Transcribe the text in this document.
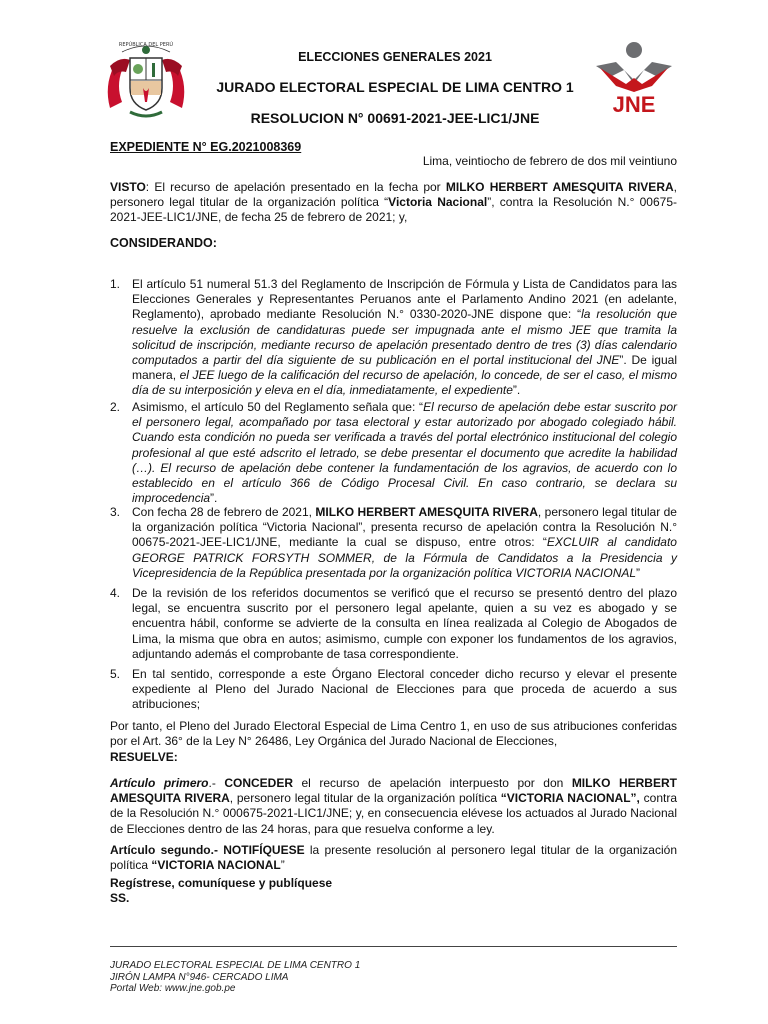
REPÚBLICA DEL PERÚ
JNE
ELECCIONES GENERALES 2021
JURADO ELECTORAL ESPECIAL DE LIMA CENTRO 1
RESOLUCION N° 00691-2021-JEE-LIC1/JNE
EXPEDIENTE N° EG.2021008369
Lima, veintiocho de febrero de dos mil veintiuno
VISTO: El recurso de apelación presentado en la fecha por MILKO HERBERT AMESQUITA RIVERA, personero legal titular de la organización política “Victoria Nacional”, contra la Resolución N.° 00675-2021-JEE-LIC1/JNE, de fecha 25 de febrero de 2021; y,
CONSIDERANDO:
1. El artículo 51 numeral 51.3 del Reglamento de Inscripción de Fórmula y Lista de Candidatos para las Elecciones Generales y Representantes Peruanos ante el Parlamento Andino 2021 (en adelante, Reglamento), aprobado mediante Resolución N.° 0330-2020-JNE dispone que: “la resolución que resuelve la exclusión de candidaturas puede ser impugnada ante el mismo JEE que tramita la solicitud de inscripción, mediante recurso de apelación presentado dentro de tres (3) días calendario computados a partir del día siguiente de su publicación en el portal institucional del JNE”. De igual manera, el JEE luego de la calificación del recurso de apelación, lo concede, de ser el caso, el mismo día de su interposición y eleva en el día, inmediatamente, el expediente”.
2. Asimismo, el artículo 50 del Reglamento señala que: “El recurso de apelación debe estar suscrito por el personero legal, acompañado por tasa electoral y estar autorizado por abogado colegiado hábil. Cuando esta condición no pueda ser verificada a través del portal electrónico institucional del colegio profesional al que esté adscrito el letrado, se debe presentar el documento que acredite la habilidad (…). El recurso de apelación debe contener la fundamentación de los agravios, de acuerdo con lo establecido en el artículo 366 de Código Procesal Civil. En caso contrario, se declara su improcedencia”.
3. Con fecha 28 de febrero de 2021, MILKO HERBERT AMESQUITA RIVERA, personero legal titular de la organización política “Victoria Nacional”, presenta recurso de apelación contra la Resolución N.° 00675-2021-JEE-LIC1/JNE, mediante la cual se dispuso, entre otros: “EXCLUIR al candidato GEORGE PATRICK FORSYTH SOMMER, de la Fórmula de Candidatos a la Presidencia y Vicepresidencia de la República presentada por la organización política VICTORIA NACIONAL”
4. De la revisión de los referidos documentos se verificó que el recurso se presentó dentro del plazo legal, se encuentra suscrito por el personero legal apelante, quien a su vez es abogado y se encuentra hábil, conforme se advierte de la consulta en línea realizada al Colegio de Abogados de Lima, la misma que obra en autos; asimismo, cumple con exponer los fundamentos de los agravios, adjuntando además el comprobante de tasa correspondiente.
5. En tal sentido, corresponde a este Órgano Electoral conceder dicho recurso y elevar el presente expediente al Pleno del Jurado Nacional de Elecciones para que proceda de acuerdo a sus atribuciones;
Por tanto, el Pleno del Jurado Electoral Especial de Lima Centro 1, en uso de sus atribuciones conferidas por el Art. 36° de la Ley N° 26486, Ley Orgánica del Jurado Nacional de Elecciones,
RESUELVE:
Artículo primero.- CONCEDER el recurso de apelación interpuesto por don MILKO HERBERT AMESQUITA RIVERA, personero legal titular de la organización política “VICTORIA NACIONAL”, contra de la Resolución N.° 000675-2021-LIC1/JNE; y, en consecuencia elévese los actuados al Jurado Nacional de Elecciones dentro de las 24 horas, para que resuelva conforme a ley.
Artículo segundo.- NOTIFÍQUESE la presente resolución al personero legal titular de la organización política “VICTORIA NACIONAL”
Regístrese, comuníquese y publíquese
SS.
JURADO ELECTORAL ESPECIAL DE LIMA CENTRO 1
JIRÓN LAMPA N°946- CERCADO LIMA
Portal Web: www.jne.gob.pe
